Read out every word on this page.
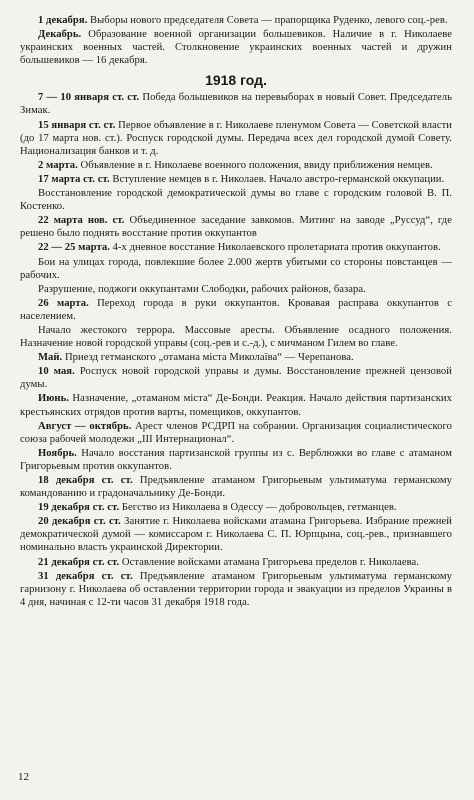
1 декабря. Выборы нового председателя Совета — прапорщика Руденко, левого соц.-рев.

Декабрь. Образование военной организации большевиков. Наличие в г. Николаеве украинских военных частей. Столкновение украинских военных частей и дружин большевиков — 16 декабря.

1918 год.

7 — 10 января ст. ст. Победа большевиков на перевыборах в новый Совет. Председатель Зимак.

15 января ст. ст. Первое объявление в г. Николаеве пленумом Совета — Советской власти (до 17 марта нов. ст.). Роспуск городской думы. Передача всех дел городской думой Совету. Национализация банков и т. д.

2 марта. Объявление в г. Николаеве военного положения, ввиду приближения немцев.

17 марта ст. ст. Вступление немцев в г. Николаев. Начало австро-германской оккупации.

Восстановление городской демократической думы во главе с городским головой В. П. Костенко.

22 марта нов. ст. Объединенное заседание завкомов. Митинг на заводе „Руссуд“, где решено было поднять восстание против оккупантов

22 — 25 марта. 4-х дневное восстание Николаевского пролетариата против оккупантов.

Бои на улицах города, повлекшие более 2.000 жертв убитыми со стороны повстанцев — рабочих.

Разрушение, поджоги оккупантами Слободки, рабочих районов, базара.

26 марта. Переход города в руки оккупантов. Кровавая расправа оккупантов с населением.

Начало жестокого террора. Массовые аресты. Объявление осадного положения. Назначение новой городской управы (соц.-рев и с.-д.), с мичманом Гилем во главе.

Май. Приезд гетманского „отамана міста Миколаїва“ — Черепанова.

10 мая. Роспуск новой городской управы и думы. Восстановление прежней цензовой думы.

Июнь. Назначение, „отаманом міста“ Де-Бонди. Реакция. Начало действия партизанских крестьянских отрядов против варты, помещиков, оккупантов.

Август — октябрь. Арест членов РСДРП на собрании. Организация социалистического союза рабочей молодежи „III Интернационал“.

Ноябрь. Начало восстания партизанской группы из с. Верблюжки во главе с атаманом Григорьевым против оккупантов.

18 декабря ст. ст. Предъявление атаманом Григорьевым ультиматума германскому командованию и градоначальнику Де-Бонди.

19 декабря ст. ст. Бегство из Николаева в Одессу — добровольцев, гетманцев.

20 декабря ст. ст. Занятие г. Николаева войсками атамана Григорьева. Избрание прежней демократической думой — комиссаром г. Николаева С. П. Юрпцына, соц.-рев., признавшего номинально власть украинской Директории.

21 декабря ст. ст. Оставление войсками атамана Григорьева пределов г. Николаева.

31 декабря ст. ст. Предъявление атаманом Григорьевым ультиматума германскому гарнизону г. Николаева об оставлении территории города и эвакуации из пределов Украины в 4 дня, начиная с 12-ти часов 31 декабря 1918 года.

12
